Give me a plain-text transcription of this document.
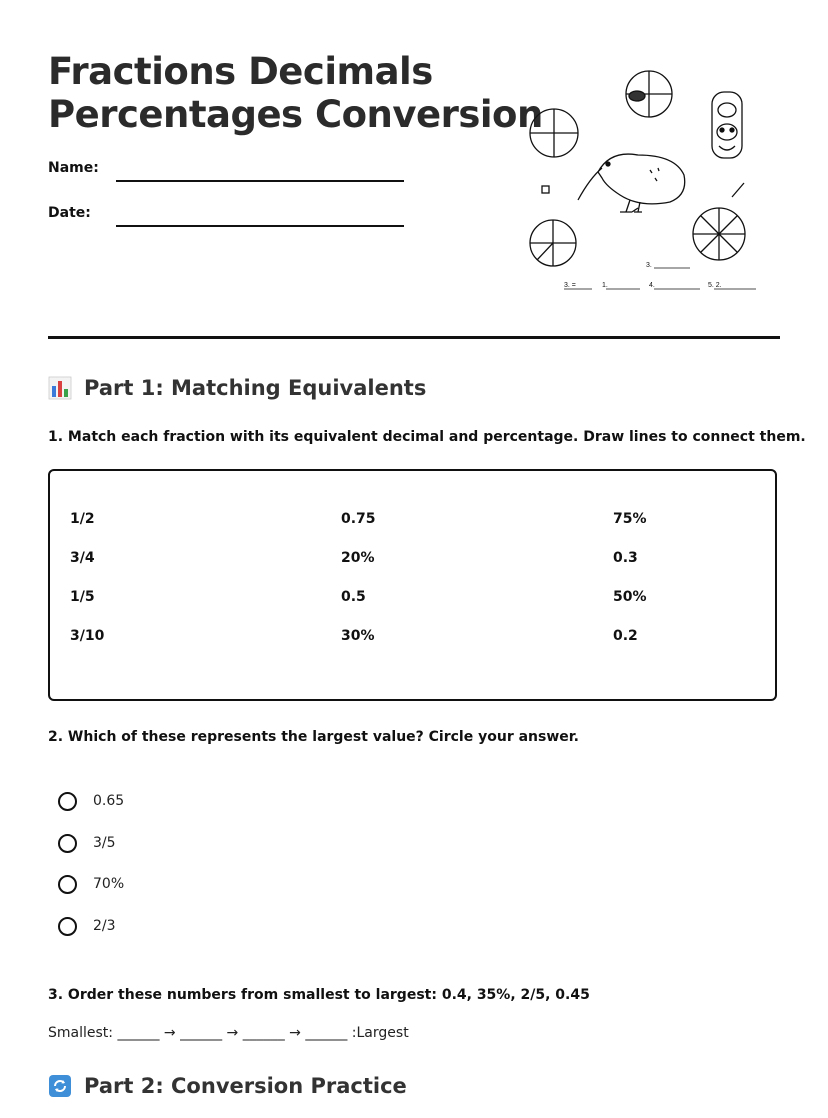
Fractions Decimals
Percentages Conversion
Name:
Date:
3.
3. =	1.	4.	5. 2.
Part 1: Matching Equivalents

1. Match each fraction with its equivalent decimal and percentage. Draw lines to connect them.

1/2	0.75	75%
3/4	20%	0.3
1/5	0.5	50%
3/10	30%	0.2

2. Which of these represents the largest value? Circle your answer.

0.65
3/5
70%
2/3

3. Order these numbers from smallest to largest: 0.4, 35%, 2/5, 0.45

Smallest: ______ → ______ → ______ → ______ :Largest
Part 2: Conversion Practice
